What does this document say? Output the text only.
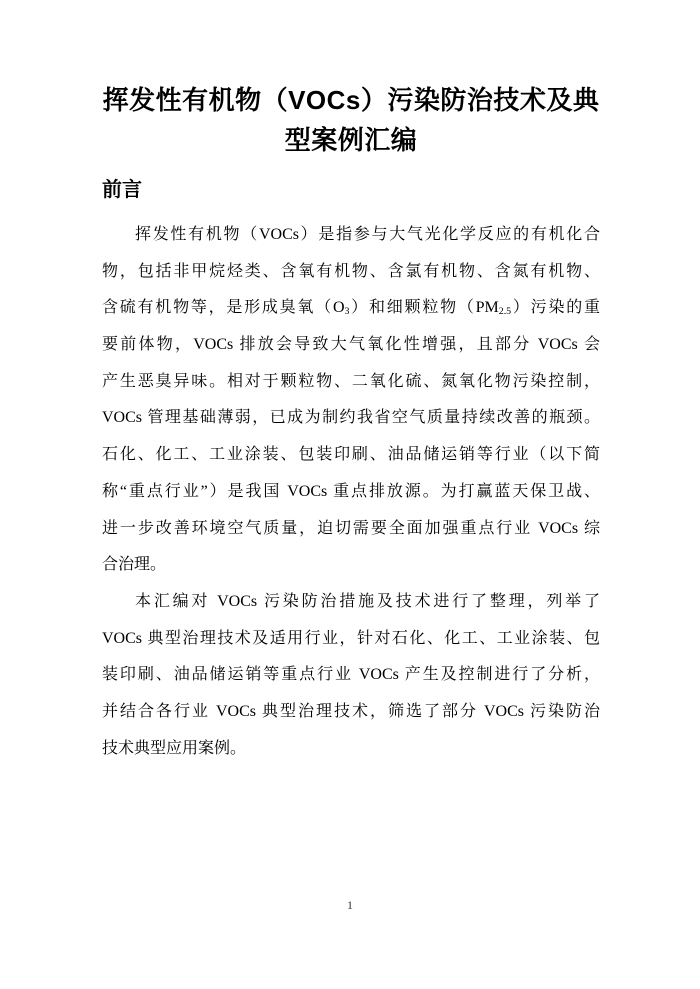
挥发性有机物（VOCs）污染防治技术及典
型案例汇编
前言
挥发性有机物（VOCs）是指参与大气光化学反应的有机化合
物，包括非甲烷烃类、含氧有机物、含氯有机物、含氮有机物、
含硫有机物等，是形成臭氧$(O_3)$和细颗粒物$(PM_{2.5})$污染的重
要前体物，VOCs 排放会导致大气氧化性增强，且部分 VOCs 会
产生恶臭异味。相对于颗粒物、二氧化硫、氮氧化物污染控制，
VOCs 管理基础薄弱，已成为制约我省空气质量持续改善的瓶颈。
石化、化工、工业涂装、包装印刷、油品储运销等行业（以下简
称“重点行业”）是我国 VOCs 重点排放源。为打赢蓝天保卫战、
进一步改善环境空气质量，迫切需要全面加强重点行业 VOCs 综
合治理。
本汇编对 VOCs 污染防治措施及技术进行了整理，列举了
VOCs 典型治理技术及适用行业，针对石化、化工、工业涂装、包
装印刷、油品储运销等重点行业 VOCs 产生及控制进行了分析，
并结合各行业 VOCs 典型治理技术，筛选了部分 VOCs 污染防治
技术典型应用案例。
1
